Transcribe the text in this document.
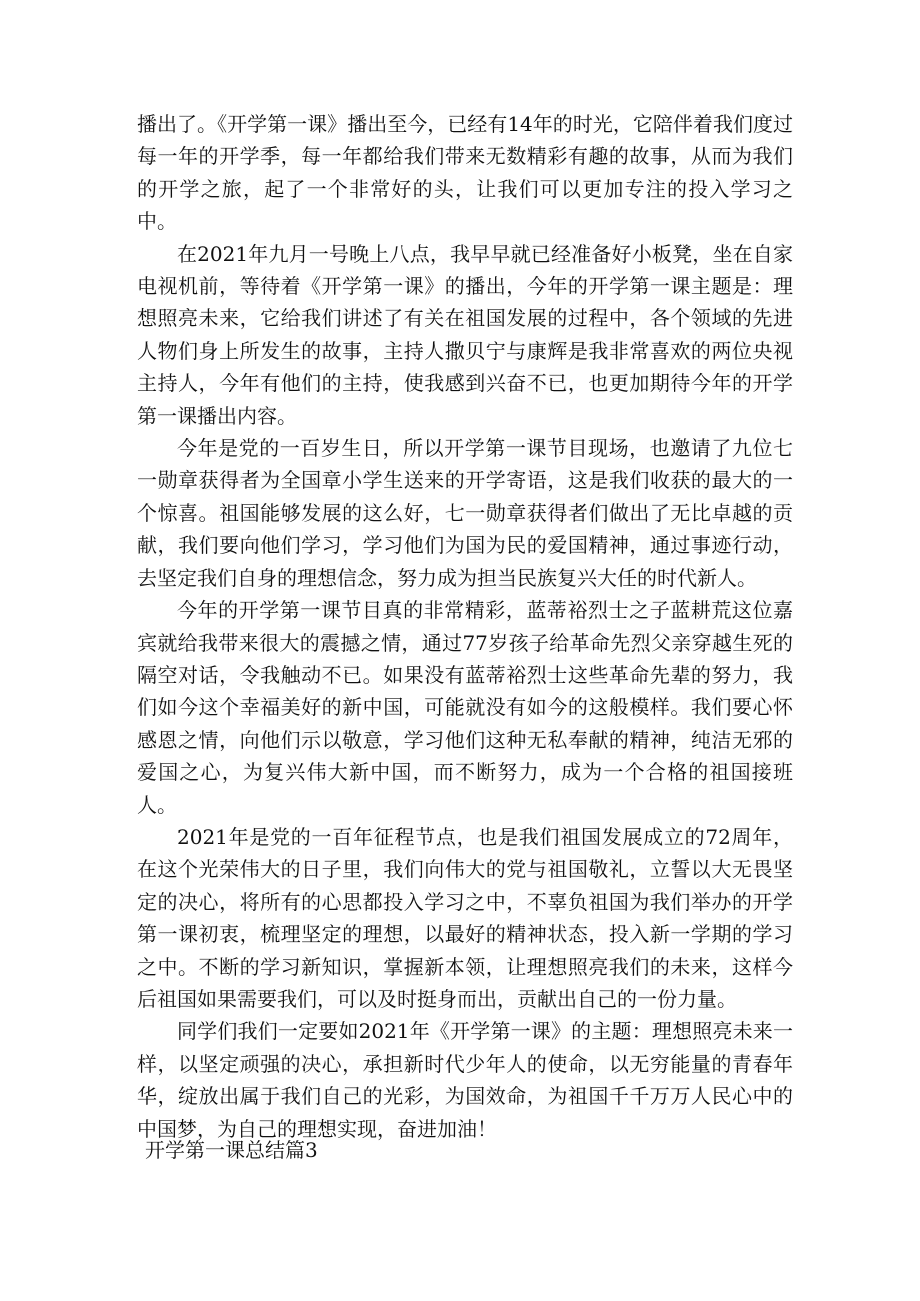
播出了。《开学第一课》播出至今，已经有14年的时光，它陪伴着我们度过每一年的开学季，每一年都给我们带来无数精彩有趣的故事，从而为我们的开学之旅，起了一个非常好的头，让我们可以更加专注的投入学习之中。

在2021年九月一号晚上八点，我早早就已经准备好小板凳，坐在自家电视机前，等待着《开学第一课》的播出，今年的开学第一课主题是：理想照亮未来，它给我们讲述了有关在祖国发展的过程中，各个领域的先进人物们身上所发生的故事，主持人撒贝宁与康辉是我非常喜欢的两位央视主持人，今年有他们的主持，使我感到兴奋不已，也更加期待今年的开学第一课播出内容。

今年是党的一百岁生日，所以开学第一课节目现场，也邀请了九位七一勋章获得者为全国章小学生送来的开学寄语，这是我们收获的最大的一个惊喜。祖国能够发展的这么好，七一勋章获得者们做出了无比卓越的贡献，我们要向他们学习，学习他们为国为民的爱国精神，通过事迹行动，去坚定我们自身的理想信念，努力成为担当民族复兴大任的时代新人。

今年的开学第一课节目真的非常精彩，蓝蒂裕烈士之子蓝耕荒这位嘉宾就给我带来很大的震撼之情，通过77岁孩子给革命先烈父亲穿越生死的隔空对话，令我触动不已。如果没有蓝蒂裕烈士这些革命先辈的努力，我们如今这个幸福美好的新中国，可能就没有如今的这般模样。我们要心怀感恩之情，向他们示以敬意，学习他们这种无私奉献的精神，纯洁无邪的爱国之心，为复兴伟大新中国，而不断努力，成为一个合格的祖国接班人。

2021年是党的一百年征程节点，也是我们祖国发展成立的72周年，在这个光荣伟大的日子里，我们向伟大的党与祖国敬礼，立誓以大无畏坚定的决心，将所有的心思都投入学习之中，不辜负祖国为我们举办的开学第一课初衷，梳理坚定的理想，以最好的精神状态，投入新一学期的学习之中。不断的学习新知识，掌握新本领，让理想照亮我们的未来，这样今后祖国如果需要我们，可以及时挺身而出，贡献出自己的一份力量。

同学们我们一定要如2021年《开学第一课》的主题：理想照亮未来一样，以坚定顽强的决心，承担新时代少年人的使命，以无穷能量的青春年华，绽放出属于我们自己的光彩，为国效命，为祖国千千万万人民心中的中国梦，为自己的理想实现，奋进加油！

开学第一课总结篇3
